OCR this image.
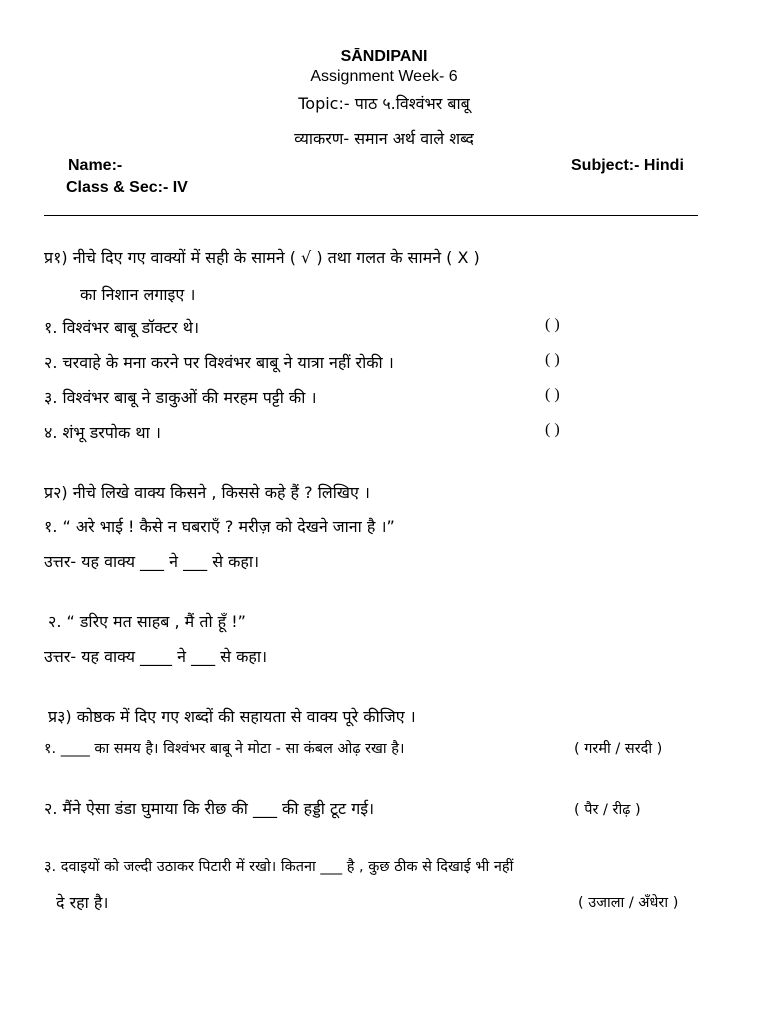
SĀNDIPANI
Assignment Week- 6
Topic:- पाठ ५.विश्वंभर बाबू
व्याकरण- समान अर्थ वाले शब्द
Name:-	Subject:- Hindi
Class & Sec:- IV
प्र१) नीचे दिए गए वाक्यों में सही के सामने ( √ ) तथा गलत के सामने ( X )
का निशान लगाइए ।
१. विश्वंभर बाबू डॉक्टर थे।	( )
२. चरवाहे के मना करने पर विश्वंभर बाबू ने यात्रा नहीं रोकी ।	( )
३. विश्वंभर बाबू ने डाकुओं की मरहम पट्टी की ।	( )
४. शंभू डरपोक था ।	( )
प्र२) नीचे लिखे वाक्य किसने , किससे कहे हैं ? लिखिए ।
१. “ अरे भाई ! कैसे न घबराएँ ? मरीज़ को देखने जाना है ।”
उत्तर- यह वाक्य ___ ने ___ से कहा।
२. “ डरिए मत साहब , मैं तो हूँ !”
उत्तर- यह वाक्य ____ ने ___ से कहा।
प्र३) कोष्ठक में दिए गए शब्दों की सहायता से वाक्य पूरे कीजिए ।
१. ____ का समय है। विश्वंभर बाबू ने मोटा - सा कंबल ओढ़ रखा है।	( गरमी / सरदी )
२. मैंने ऐसा डंडा घुमाया कि रीछ की ___ की हड्डी टूट गई।	( पैर / रीढ़ )
३. दवाइयों को जल्दी उठाकर पिटारी में रखो। कितना ___ है , कुछ ठीक से दिखाई भी नहीं
दे रहा है।	( उजाला / अँधेरा )
